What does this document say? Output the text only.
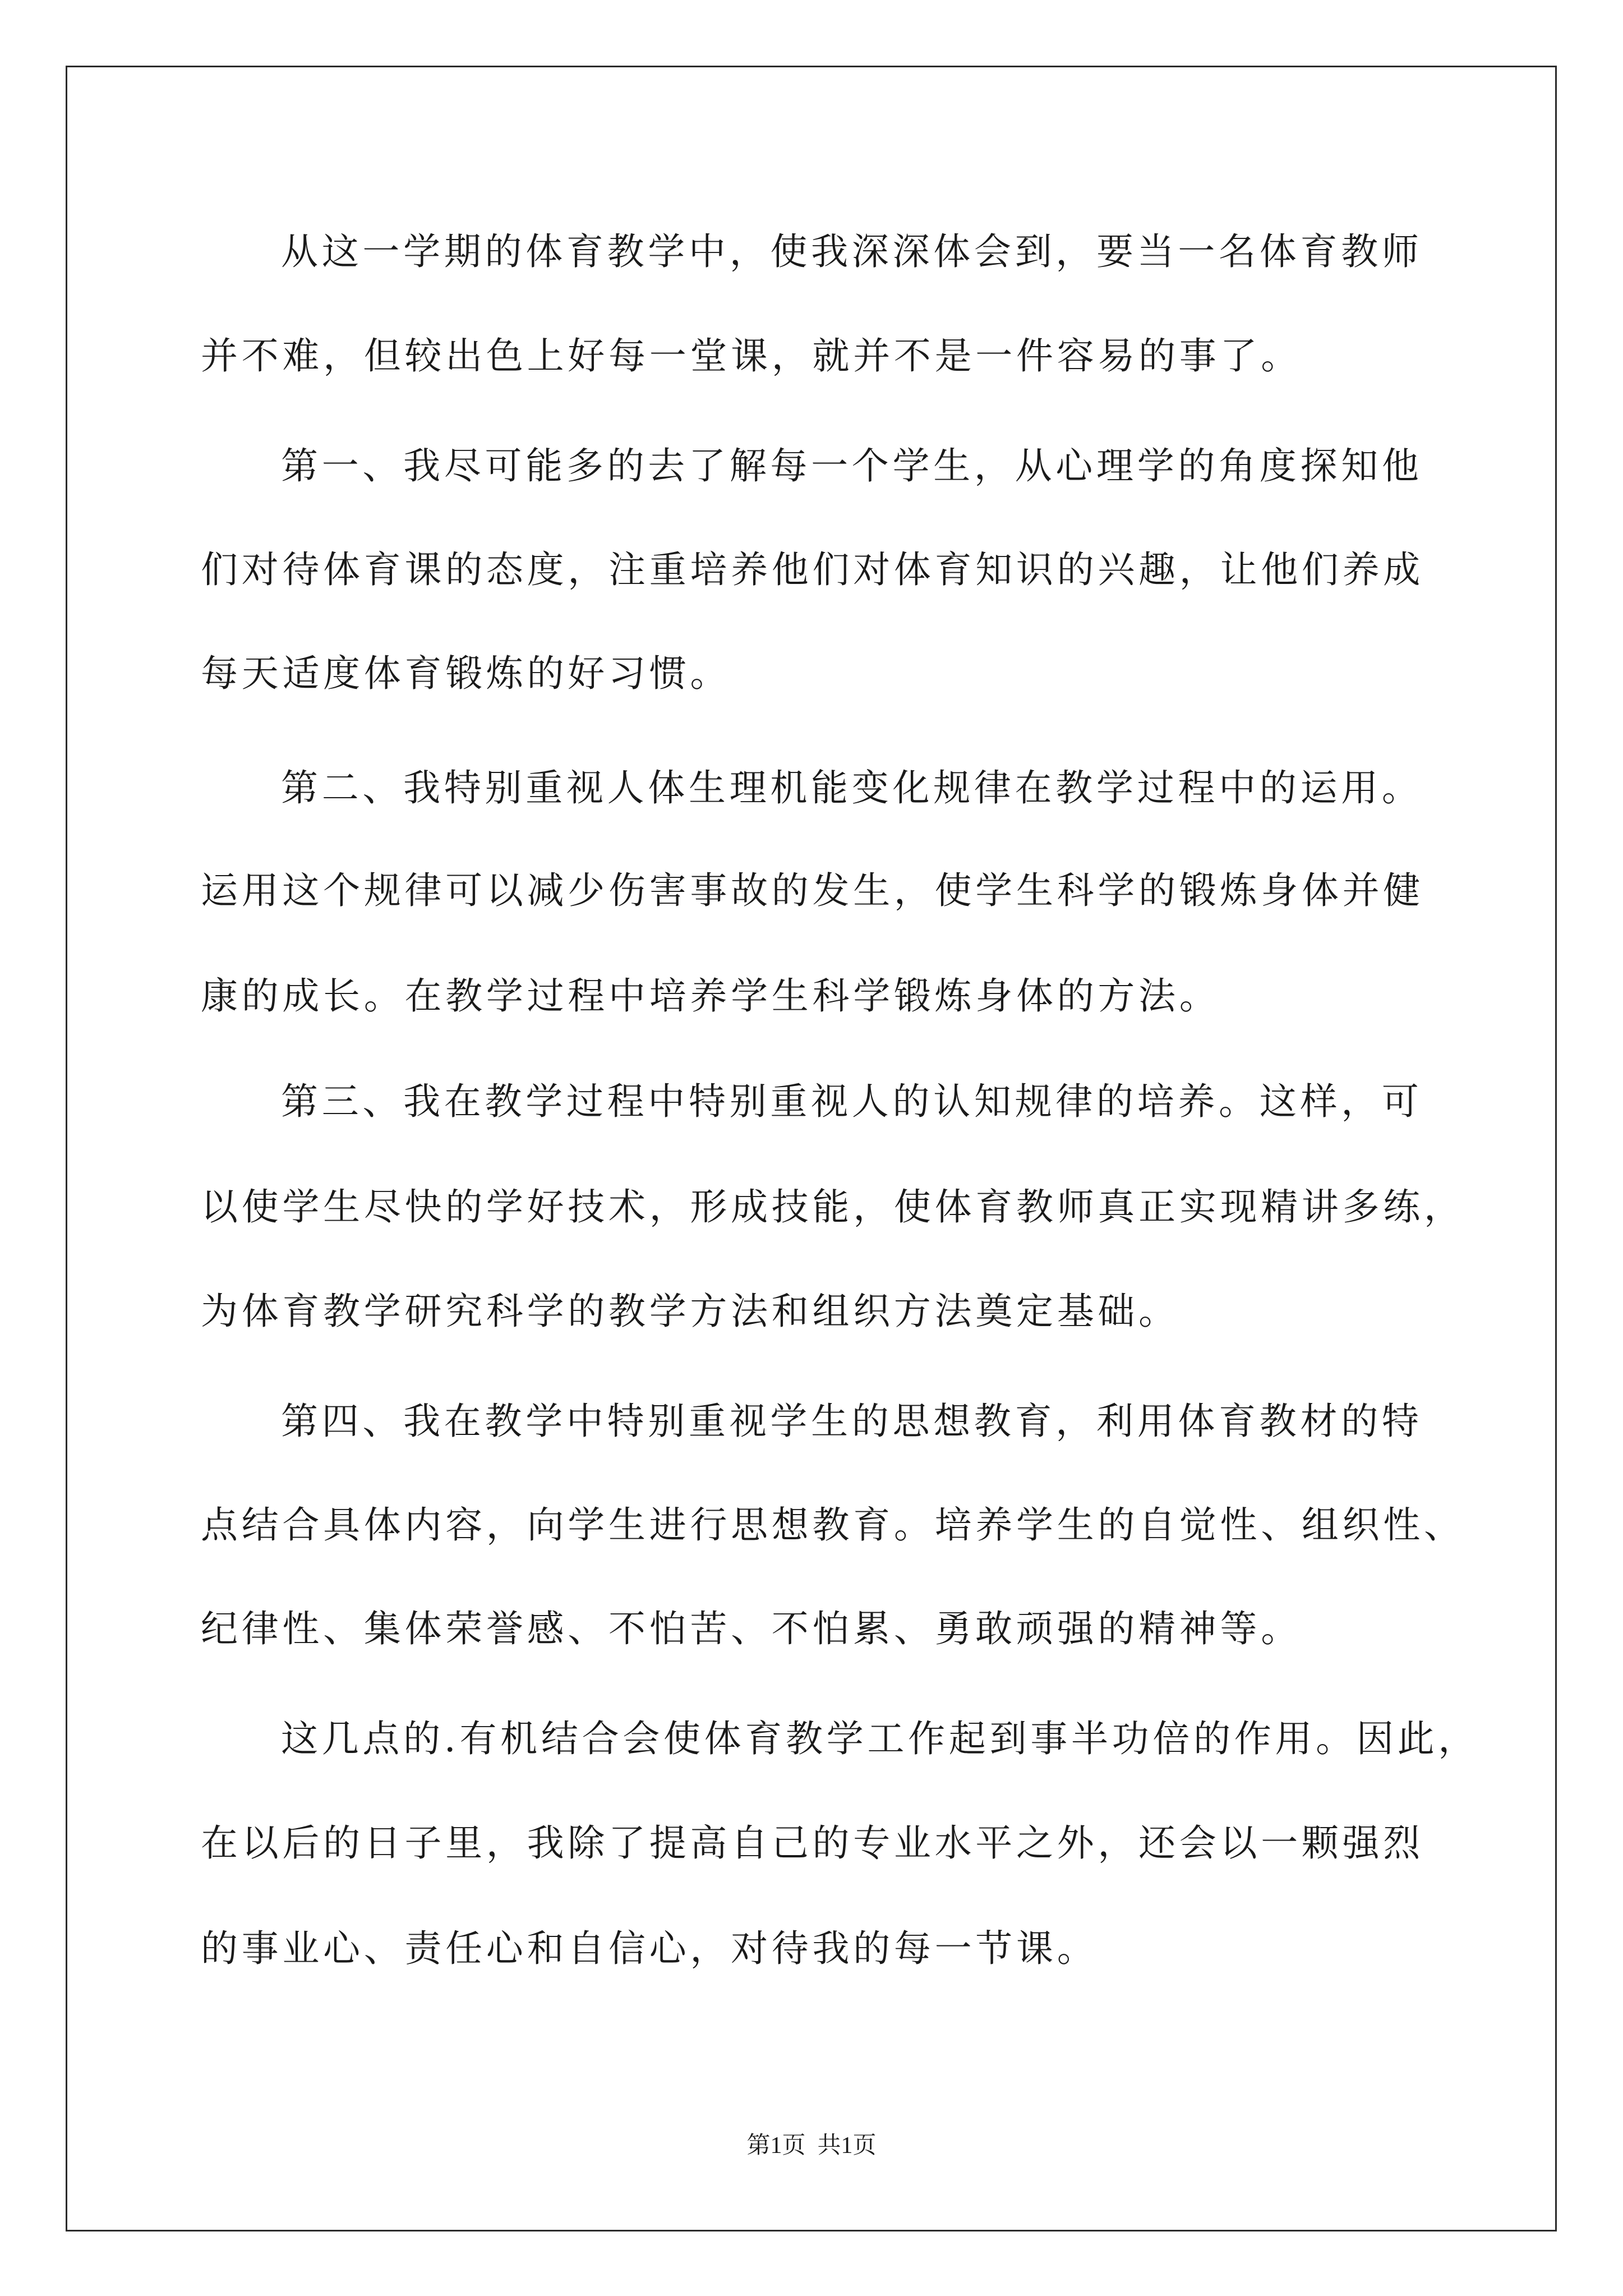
从这一学期的体育教学中，使我深深体会到，要当一名体育教师
并不难，但较出色上好每一堂课，就并不是一件容易的事了。
第一、我尽可能多的去了解每一个学生，从心理学的角度探知他
们对待体育课的态度，注重培养他们对体育知识的兴趣，让他们养成
每天适度体育锻炼的好习惯。
第二、我特别重视人体生理机能变化规律在教学过程中的运用。
运用这个规律可以减少伤害事故的发生，使学生科学的锻炼身体并健
康的成长。在教学过程中培养学生科学锻炼身体的方法。
第三、我在教学过程中特别重视人的认知规律的培养。这样，可
以使学生尽快的学好技术，形成技能，使体育教师真正实现精讲多练，
为体育教学研究科学的教学方法和组织方法奠定基础。
第四、我在教学中特别重视学生的思想教育，利用体育教材的特
点结合具体内容，向学生进行思想教育。培养学生的自觉性、组织性、
纪律性、集体荣誉感、不怕苦、不怕累、勇敢顽强的精神等。
这几点的.有机结合会使体育教学工作起到事半功倍的作用。因此，
在以后的日子里，我除了提高自己的专业水平之外，还会以一颗强烈
的事业心、责任心和自信心，对待我的每一节课。
第1页  共1页
